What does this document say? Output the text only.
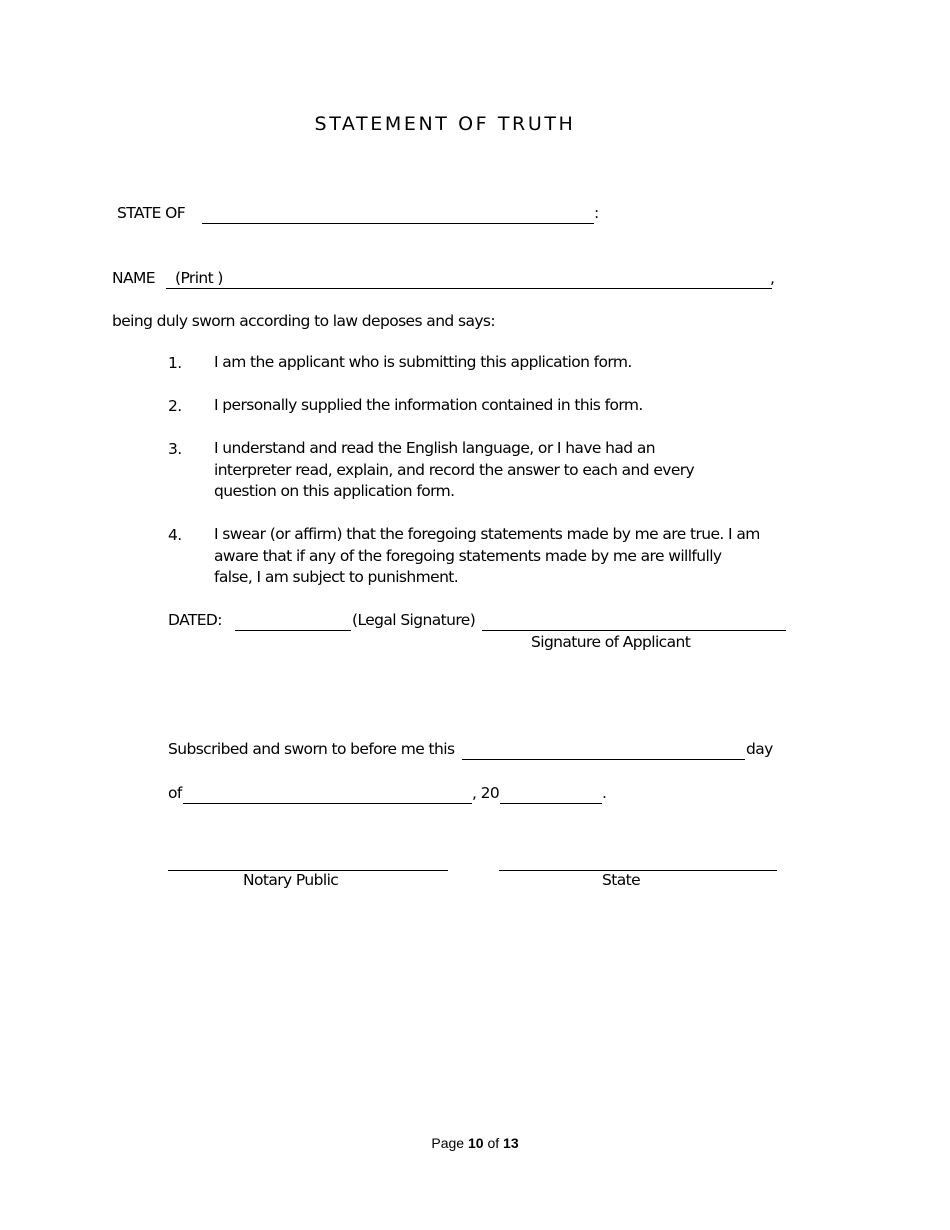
STATEMENT OF TRUTH
STATE OF	:
NAME (Print )	,
being duly sworn according to law deposes and says:
1. I am the applicant who is submitting this application form.
2. I personally supplied the information contained in this form.
3. I understand and read the English language, or I have had an
interpreter read, explain, and record the answer to each and every
question on this application form.
4. I swear (or affirm) that the foregoing statements made by me are true. I am
aware that if any of the foregoing statements made by me are willfully
false, I am subject to punishment.
DATED:	(Legal Signature)
Signature of Applicant
Subscribed and sworn to before me this	day
of	, 20	.
Notary Public	State
Page 10 of 13
